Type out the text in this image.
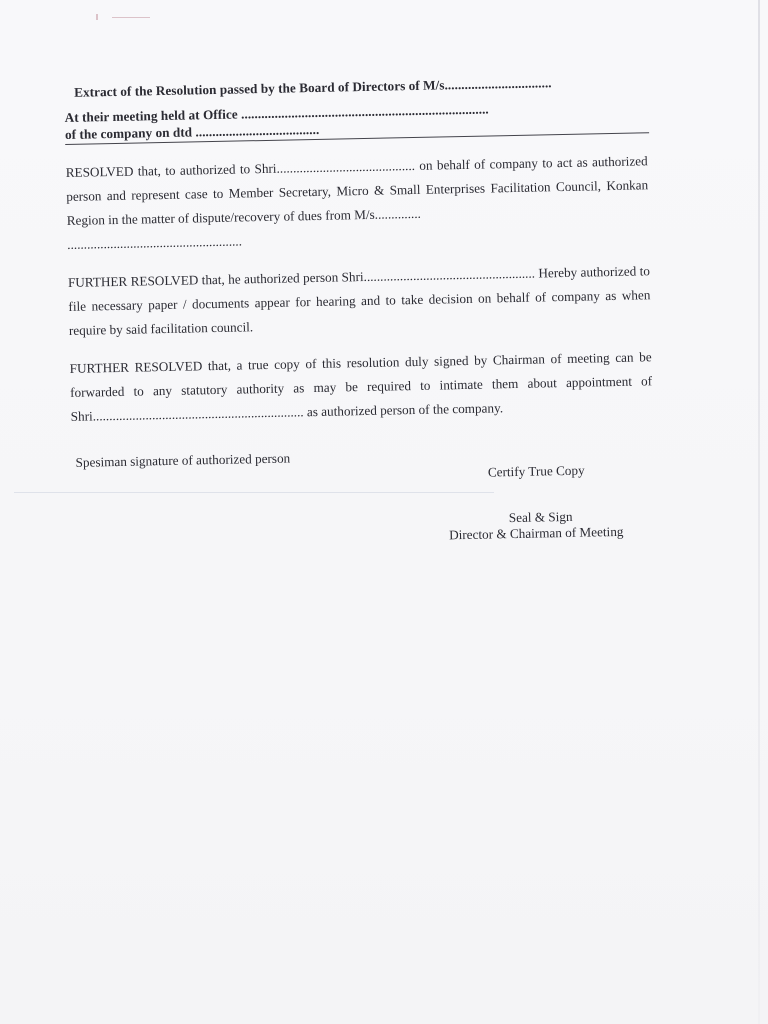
Extract of the Resolution passed by the Board of Directors of M/s................................
At their meeting held at Office ..........................................................................
of the company on dtd .....................................

RESOLVED that, to authorized to Shri.......................................... on behalf of company to act as authorized person and represent case to Member Secretary, Micro & Small Enterprises Facilitation Council, Konkan Region in the matter of dispute/recovery of dues from M/s..............
.....................................................

FURTHER RESOLVED that, he authorized person Shri.................................................... Hereby authorized to file necessary paper / documents appear for hearing and to take decision on behalf of company as when require by said facilitation council.

FURTHER RESOLVED that, a true copy of this resolution duly signed by Chairman of meeting can be forwarded to any statutory authority as may be required to intimate them about appointment of Shri................................................................ as authorized person of the company.

Spesiman signature of authorized person
Certify True Copy
Seal & Sign
Director & Chairman of Meeting
